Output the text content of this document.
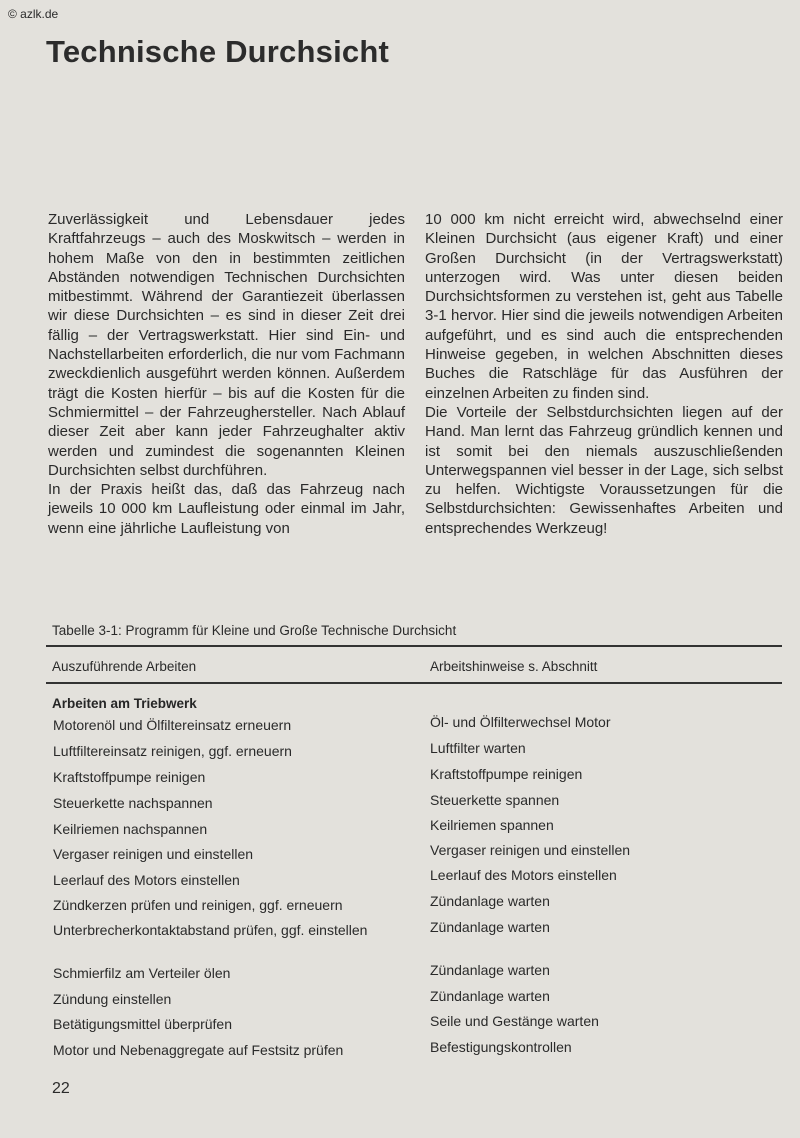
© azlk.de
Technische Durchsicht

Zuverlässigkeit und Lebensdauer jedes Kraftfahrzeugs – auch des Moskwitsch – werden in hohem Maße von den in bestimmten zeitlichen Abständen notwendigen Technischen Durchsichten mitbestimmt. Während der Garantiezeit überlassen wir diese Durchsichten – es sind in dieser Zeit drei fällig – der Vertragswerkstatt. Hier sind Ein- und Nachstellarbeiten erforderlich, die nur vom Fachmann zweckdienlich ausgeführt werden können. Außerdem trägt die Kosten hierfür – bis auf die Kosten für die Schmiermittel – der Fahrzeughersteller. Nach Ablauf dieser Zeit aber kann jeder Fahrzeughalter aktiv werden und zumindest die sogenannten Kleinen Durchsichten selbst durchführen.

In der Praxis heißt das, daß das Fahrzeug nach jeweils 10 000 km Laufleistung oder einmal im Jahr, wenn eine jährliche Laufleistung von

10 000 km nicht erreicht wird, abwechselnd einer Kleinen Durchsicht (aus eigener Kraft) und einer Großen Durchsicht (in der Vertragswerkstatt) unterzogen wird. Was unter diesen beiden Durchsichtsformen zu verstehen ist, geht aus Tabelle 3-1 hervor. Hier sind die jeweils notwendigen Arbeiten aufgeführt, und es sind auch die entsprechenden Hinweise gegeben, in welchen Abschnitten dieses Buches die Ratschläge für das Ausführen der einzelnen Arbeiten zu finden sind.

Die Vorteile der Selbstdurchsichten liegen auf der Hand. Man lernt das Fahrzeug gründlich kennen und ist somit bei den niemals auszuschließenden Unterwegspannen viel besser in der Lage, sich selbst zu helfen. Wichtigste Voraussetzungen für die Selbstdurchsichten: Gewissenhaftes Arbeiten und entsprechendes Werkzeug!

Tabelle 3-1: Programm für Kleine und Große Technische Durchsicht
Auszuführende Arbeiten	Arbeitshinweise s. Abschnitt
Arbeiten am Triebwerk
Motorenöl und Ölfiltereinsatz erneuern	Öl- und Ölfilterwechsel Motor
Luftfiltereinsatz reinigen, ggf. erneuern	Luftfilter warten
Kraftstoffpumpe reinigen	Kraftstoffpumpe reinigen
Steuerkette nachspannen	Steuerkette spannen
Keilriemen nachspannen	Keilriemen spannen
Vergaser reinigen und einstellen	Vergaser reinigen und einstellen
Leerlauf des Motors einstellen	Leerlauf des Motors einstellen
Zündkerzen prüfen und reinigen, ggf. erneuern	Zündanlage warten
Unterbrecherkontaktabstand prüfen, ggf. einstellen	Zündanlage warten
Schmierfilz am Verteiler ölen	Zündanlage warten
Zündung einstellen	Zündanlage warten
Betätigungsmittel überprüfen	Seile und Gestänge warten
Motor und Nebenaggregate auf Festsitz prüfen	Befestigungskontrollen
22
